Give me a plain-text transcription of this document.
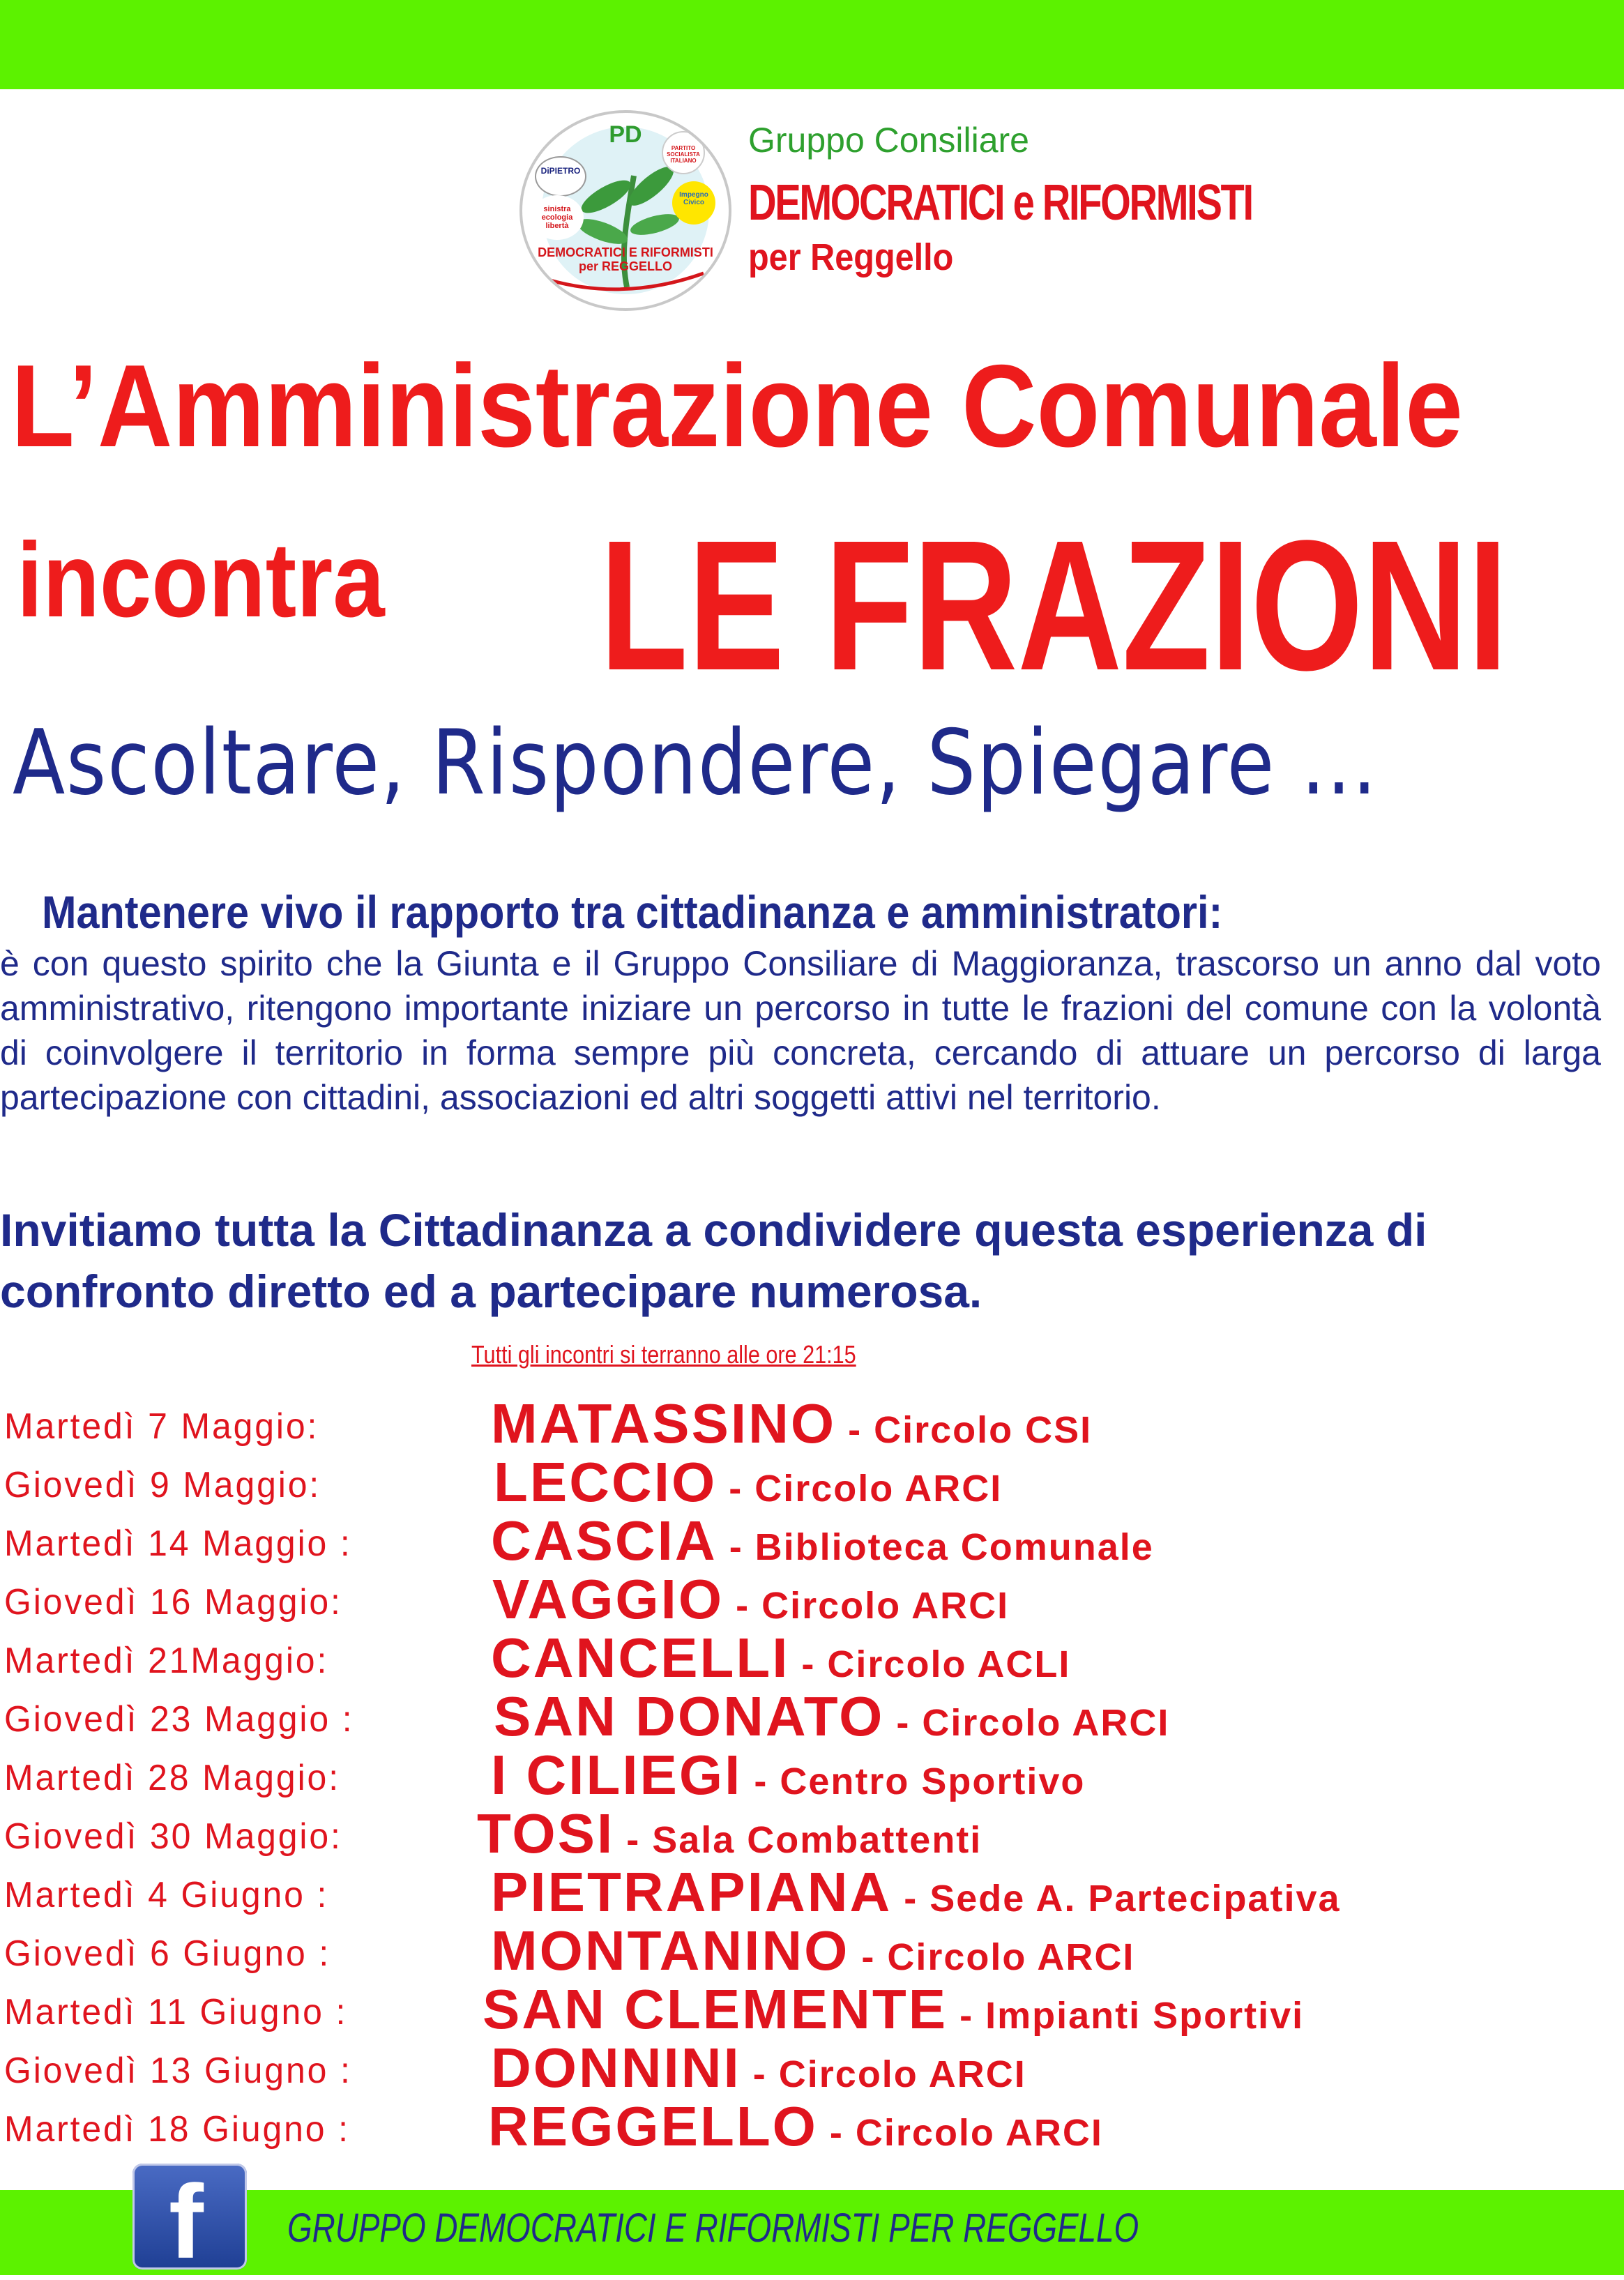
PD
PARTITO SOCIALISTA ITALIANO
DiPIETRO
sinistra ecologia libertà
Impegno Civico
DEMOCRATICI E RIFORMISTI
per REGGELLO
Gruppo Consiliare
DEMOCRATICI e RIFORMISTI
per Reggello
L’Amministrazione Comunale
incontra LE FRAZIONI
Ascoltare, Rispondere, Spiegare ...
Mantenere vivo il rapporto tra cittadinanza e amministratori:
è con questo spirito che la Giunta e il Gruppo Consiliare di Maggioranza, trascorso un anno dal voto amministrativo, ritengono importante iniziare un percorso in tutte le frazioni del comune con la volontà di coinvolgere il territorio in forma sempre più concreta, cercando di attuare un percorso di larga partecipazione con cittadini, associazioni ed altri soggetti attivi nel territorio.
Invitiamo tutta la Cittadinanza a condividere questa esperienza di confronto diretto ed a partecipare numerosa.
Tutti gli incontri si terranno alle ore 21:15
Martedì 7 Maggio:	MATASSINO - Circolo CSI
Giovedì 9 Maggio:	LECCIO - Circolo ARCI
Martedì 14 Maggio : CASCIA - Biblioteca Comunale
Giovedì 16 Maggio:	VAGGIO - Circolo ARCI
Martedì 21Maggio:	CANCELLI - Circolo ACLI
Giovedì 23 Maggio :	SAN DONATO - Circolo ARCI
Martedì 28 Maggio:	I CILIEGI - Centro Sportivo
Giovedì 30 Maggio: TOSI - Sala Combattenti
Martedì 4 Giugno :	PIETRAPIANA - Sede A. Partecipativa
Giovedì 6 Giugno :	MONTANINO - Circolo ARCI
Martedì 11 Giugno : SAN CLEMENTE - Impianti Sportivi
Giovedì 13 Giugno : DONNINI - Circolo ARCI
Martedì 18 Giugno : REGGELLO - Circolo ARCI
f GRUPPO DEMOCRATICI E RIFORMISTI PER REGGELLO
